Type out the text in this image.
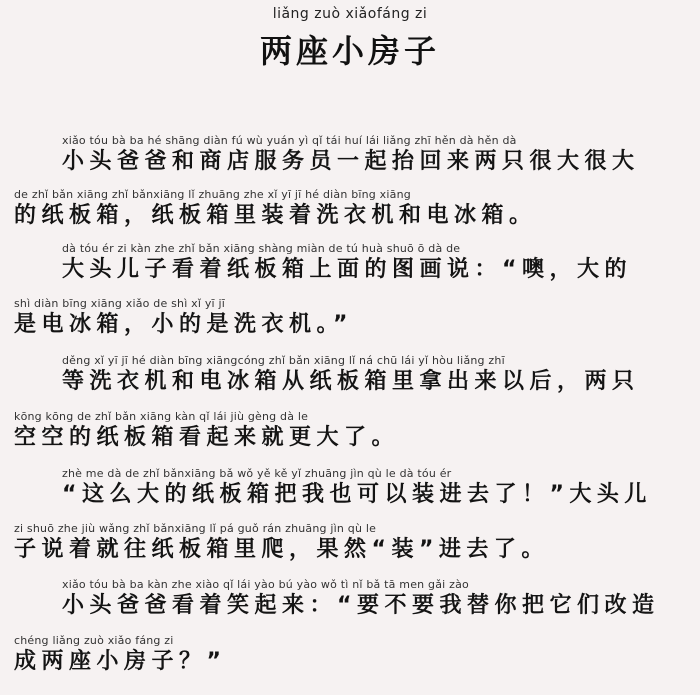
liǎng zuò xiǎofáng zi
两座小房子
xiǎo tóu bà ba hé shāng diàn fú wù yuán yì qǐ tái huí lái liǎng zhī hěn dà hěn dà
小头爸爸和商店服务员一起抬回来两只很大很大
de zhǐ bǎn xiāng zhǐ bǎnxiāng lǐ zhuāng zhe xǐ yī jī hé diàn bīng xiāng
的纸板箱，纸板箱里装着洗衣机和电冰箱。
dà tóu ér zi kàn zhe zhǐ bǎn xiāng shàng miàn de tú huà shuō ō dà de
大头儿子看着纸板箱上面的图画说：“噢，大的
shì diàn bīng xiāng xiǎo de shì xǐ yī jī
是电冰箱，小的是洗衣机。”
děng xǐ yī jī hé diàn bīng xiāngcóng zhǐ bǎn xiāng lǐ ná chū lái yǐ hòu liǎng zhī
等洗衣机和电冰箱从纸板箱里拿出来以后，两只
kōng kōng de zhǐ bǎn xiāng kàn qǐ lái jiù gèng dà le
空空的纸板箱看起来就更大了。
zhè me dà de zhǐ bǎnxiāng bǎ wǒ yě kě yǐ zhuāng jìn qù le dà tóu ér
“这么大的纸板箱把我也可以装进去了！”大头儿
zi shuō zhe jiù wǎng zhǐ bǎnxiāng lǐ pá guǒ rán zhuāng jìn qù le
子说着就往纸板箱里爬，果然“装”进去了。
xiǎo tóu bà ba kàn zhe xiào qǐ lái yào bú yào wǒ tì nǐ bǎ tā men gǎi zào
小头爸爸看着笑起来：“要不要我替你把它们改造
chéng liǎng zuò xiǎo fáng zi
成两座小房子？”
